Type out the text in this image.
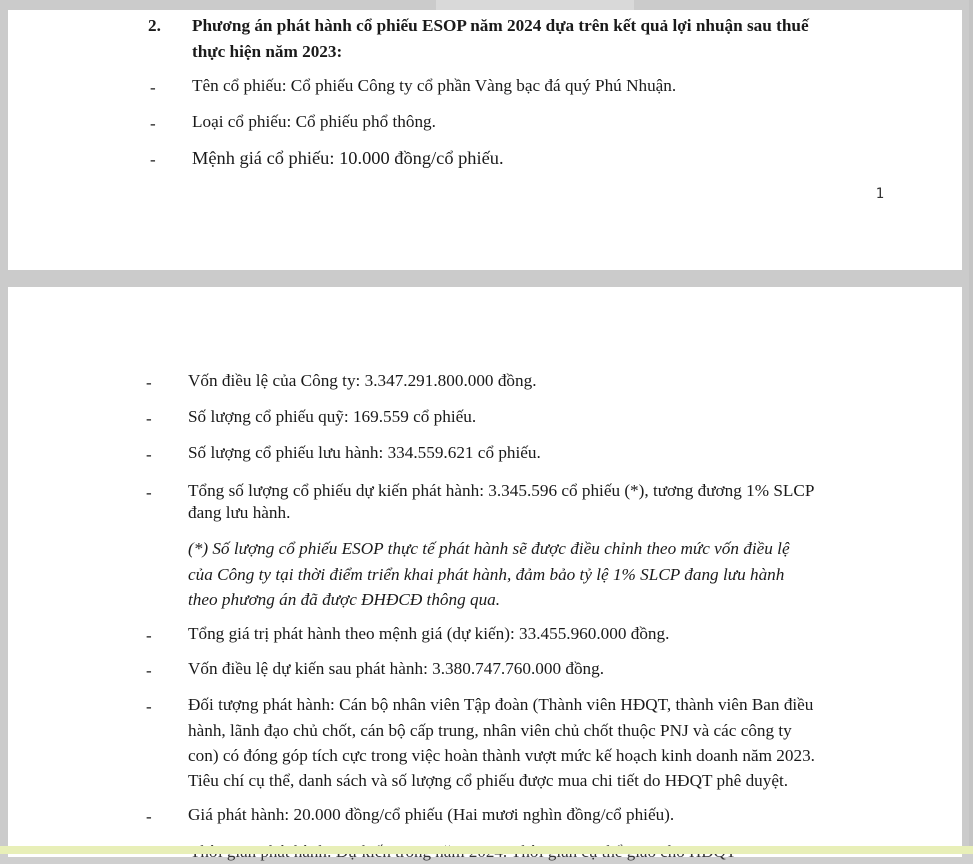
2. Phương án phát hành cổ phiếu ESOP năm 2024 dựa trên kết quả lợi nhuận sau thuế
thực hiện năm 2023:
- Tên cổ phiếu: Cổ phiếu Công ty cổ phần Vàng bạc đá quý Phú Nhuận.
- Loại cổ phiếu: Cổ phiếu phổ thông.
- Mệnh giá cổ phiếu: 10.000 đồng/cổ phiếu.
1
- Vốn điều lệ của Công ty: 3.347.291.800.000 đồng.
- Số lượng cổ phiếu quỹ: 169.559 cổ phiếu.
- Số lượng cổ phiếu lưu hành: 334.559.621 cổ phiếu.
- Tổng số lượng cổ phiếu dự kiến phát hành: 3.345.596 cổ phiếu (*), tương đương 1% SLCP
đang lưu hành.
(*) Số lượng cổ phiếu ESOP thực tế phát hành sẽ được điều chỉnh theo mức vốn điều lệ
của Công ty tại thời điểm triển khai phát hành, đảm bảo tỷ lệ 1% SLCP đang lưu hành
theo phương án đã được ĐHĐCĐ thông qua.
- Tổng giá trị phát hành theo mệnh giá (dự kiến): 33.455.960.000 đồng.
- Vốn điều lệ dự kiến sau phát hành: 3.380.747.760.000 đồng.
- Đối tượng phát hành: Cán bộ nhân viên Tập đoàn (Thành viên HĐQT, thành viên Ban điều
hành, lãnh đạo chủ chốt, cán bộ cấp trung, nhân viên chủ chốt thuộc PNJ và các công ty
con) có đóng góp tích cực trong việc hoàn thành vượt mức kế hoạch kinh doanh năm 2023.
Tiêu chí cụ thể, danh sách và số lượng cổ phiếu được mua chi tiết do HĐQT phê duyệt.
- Giá phát hành: 20.000 đồng/cổ phiếu (Hai mươi nghìn đồng/cổ phiếu).
